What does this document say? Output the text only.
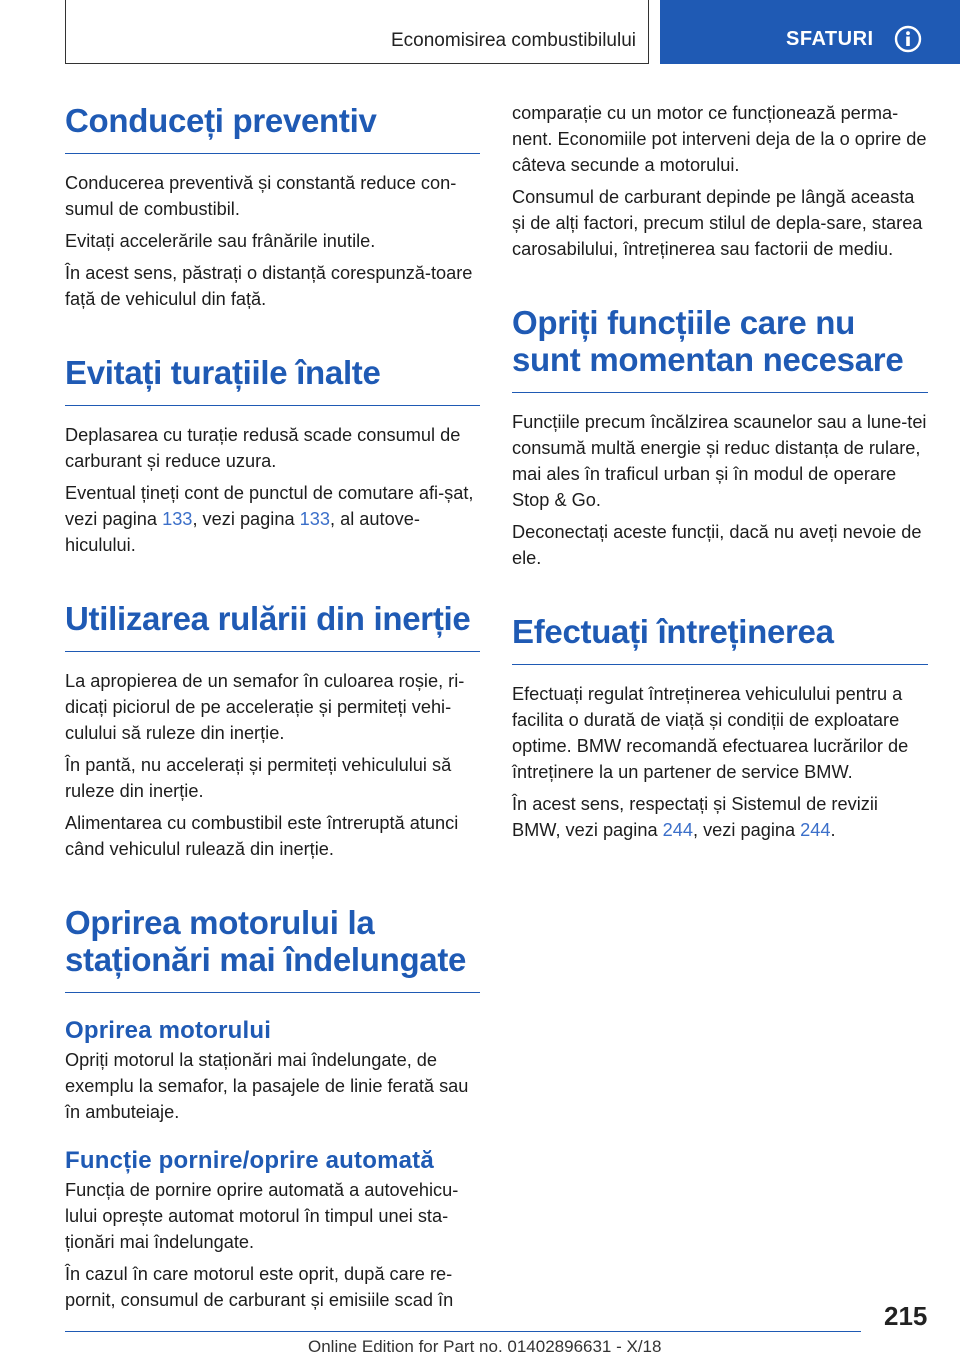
Economisirea combustibilului	SFATURI
Conduceți preventiv

Conducerea preventivă și constantă reduce con-sumul de combustibil.

Evitați accelerările sau frânările inutile.

În acest sens, păstrați o distanță corespunză-toare față de vehiculul din față.

Evitați turațiile înalte

Deplasarea cu turație redusă scade consumul de carburant și reduce uzura.

Eventual țineți cont de punctul de comutare afi-șat, vezi pagina 133, vezi pagina 133, al autove-hiculului.

Utilizarea rulării din inerție

La apropierea de un semafor în culoarea roșie, ri-dicați piciorul de pe accelerație și permiteți vehi-culului să ruleze din inerție.

În pantă, nu accelerați și permiteți vehiculului să ruleze din inerție.

Alimentarea cu combustibil este întreruptă atunci când vehiculul rulează din inerție.

Oprirea motorului la staționări mai îndelungate
Oprirea motorului

Opriți motorul la staționări mai îndelungate, de exemplu la semafor, la pasajele de linie ferată sau în ambuteiaje.

Funcție pornire/oprire automată

Funcția de pornire oprire automată a autovehicu-lului oprește automat motorul în timpul unei sta-ționări mai îndelungate.

În cazul în care motorul este oprit, după care re-pornit, consumul de carburant și emisiile scad în

comparație cu un motor ce funcționează perma-nent. Economiile pot interveni deja de la o oprire de câteva secunde a motorului.

Consumul de carburant depinde pe lângă aceasta și de alți factori, precum stilul de depla-sare, starea carosabilului, întreținerea sau factorii de mediu.

Opriți funcțiile care nu sunt momentan necesare

Funcțiile precum încălzirea scaunelor sau a lune-tei consumă multă energie și reduc distanța de rulare, mai ales în traficul urban și în modul de operare Stop & Go.

Deconectați aceste funcții, dacă nu aveți nevoie de ele.

Efectuați întreținerea

Efectuați regulat întreținerea vehiculului pentru a facilita o durată de viață și condiții de exploatare optime. BMW recomandă efectuarea lucrărilor de întreținere la un partener de service BMW.

În acest sens, respectați și Sistemul de revizii BMW, vezi pagina 244, vezi pagina 244.

215
Online Edition for Part no. 01402896631 - X/18
